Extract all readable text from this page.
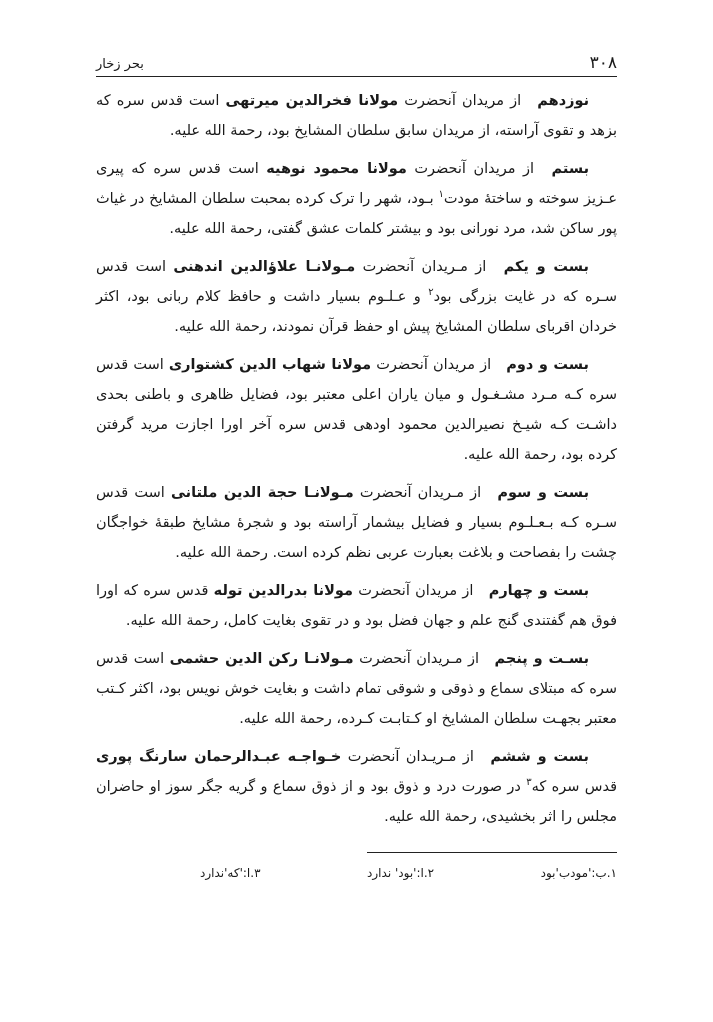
۳۰۸
بحر زخار

نوزدهم از مریدان آنحضرت مولانا فخرالدین میرتهی است قدس سره که بزهد و تقوی آراسته، از مریدان سابق سلطان المشایخ بود، رحمة الله علیه.

بستم از مریدان آنحضرت مولانا محمود نوهیه است قدس سره که پیری عـزیز سوخته و ساختهٔ مودت$^۱$ بـود، شهر را ترک کرده بمحبت سلطان المشایخ در غیاث پور ساکن شد، مرد نورانی بود و بیشتر کلمات عشق گفتی، رحمة الله علیه.

بست و یکم از مـریدان آنحضرت مـولانـا علاؤالدین اندهنی است قدس سـره که در غایت بزرگی بود$^۲$ و عـلـوم بسیار داشت و حافظ کلام ربانی بود، اکثر خردان اقربای سلطان المشایخ پیش او حفظ قرآن نمودند، رحمة الله علیه.

بست و دوم از مریدان آنحضرت مولانا شهاب الدین کشتواری است قدس سره کـه مـرد مشـغـول و میان یاران اعلی معتبر بود، فضایل ظاهری و باطنی بحدی داشـت کـه شیـخ نصیرالدین محمود اودهی قدس سره آخر اورا اجازت مرید گرفتن کرده بود، رحمة الله علیه.

بست و سوم از مـریدان آنحضرت مـولانـا حجة الدین ملتانی است قدس سـره کـه بـعـلـوم بسیار و فضایل بیشمار آراسته بود و شجرهٔ مشایخ طبقهٔ خواجگان چشت را بفصاحت و بلاغت بعبارت عربی نظم کرده است. رحمة الله علیه.

بست و چهارم از مریدان آنحضرت مولانا بدرالدین توله قدس سره که اورا فوق هم گفتندی گنج علم و جهان فضل بود و در تقوی بغایت کامل، رحمة الله علیه.

بسـت و پنجم از مـریدان آنحضرت مـولانـا رکن الدین حشمی است قدس سره که مبتلای سماع و ذوقی و شوقی تمام داشت و بغایت خوش نویس بود، اکثر کـتب معتبر بجهـت سلطان المشایخ او کـتابـت کـرده، رحمة الله علیه.

بست و ششم از مـریـدان آنحضرت خـواجـه عبـدالرحمان سارنگ پوری قدس سره که$^۳$ در صورت درد و ذوق بود و از ذوق سماع و گریه جگر سوز او حاضران مجلس را اثر بخشیدی، رحمة الله علیه.

۱.ب:'مودب'بود
۲.ا:'بود' ندارد
۳.ا:'که'ندارد
